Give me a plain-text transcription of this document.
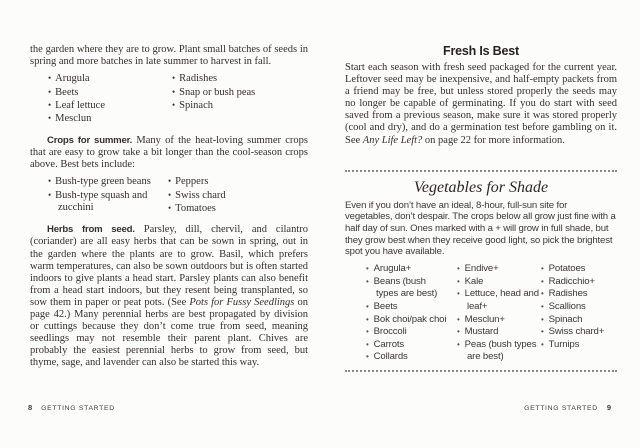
the garden where they are to grow. Plant small batches of seeds in spring and more batches in late summer to harvest in fall.

• Arugula
• Beets
• Leaf lettuce
• Mesclun
• Radishes
• Snap or bush peas
• Spinach

Crops for summer. Many of the heat-loving summer crops that are easy to grow take a bit longer than the cool-season crops above. Best bets include:

• Bush-type green beans
• Bush-type squash and zucchini
• Peppers
• Swiss chard
• Tomatoes

Herbs from seed. Parsley, dill, chervil, and cilantro (coriander) are all easy herbs that can be sown in spring, out in the garden where the plants are to grow. Basil, which prefers warm temperatures, can also be sown outdoors but is often started indoors to give plants a head start. Parsley plants can also benefit from a head start indoors, but they resent being transplanted, so sow them in paper or peat pots. (See Pots for Fussy Seedlings on page 42.) Many perennial herbs are best propagated by division or cuttings because they don’t come true from seed, meaning seedlings may not resemble their parent plant. Chives are probably the easiest perennial herbs to grow from seed, but thyme, sage, and lavender can also be started this way.

8 GETTING STARTED
Fresh Is Best

Start each season with fresh seed packaged for the current year. Leftover seed may be inexpensive, and half-empty packets from a friend may be free, but unless stored properly the seeds may no longer be capable of germinating. If you do start with seed saved from a previous season, make sure it was stored properly (cool and dry), and do a germination test before gambling on it. See Any Life Left? on page 22 for more information.

Vegetables for Shade

Even if you don’t have an ideal, 8-hour, full-sun site for vegetables, don’t despair. The crops below all grow just fine with a half day of sun. Ones marked with a + will grow in full shade, but they grow best when they receive good light, so pick the brightest spot you have available.

• Arugula+
• Beans (bush types are best)
• Beets
• Bok choi/pak choi
• Broccoli
• Carrots
• Collards
• Endive+
• Kale
• Lettuce, head and leaf+
• Mesclun+
• Mustard
• Peas (bush types are best)
• Potatoes
• Radicchio+
• Radishes
• Scallions
• Spinach
• Swiss chard+
• Turnips
GETTING STARTED 9
